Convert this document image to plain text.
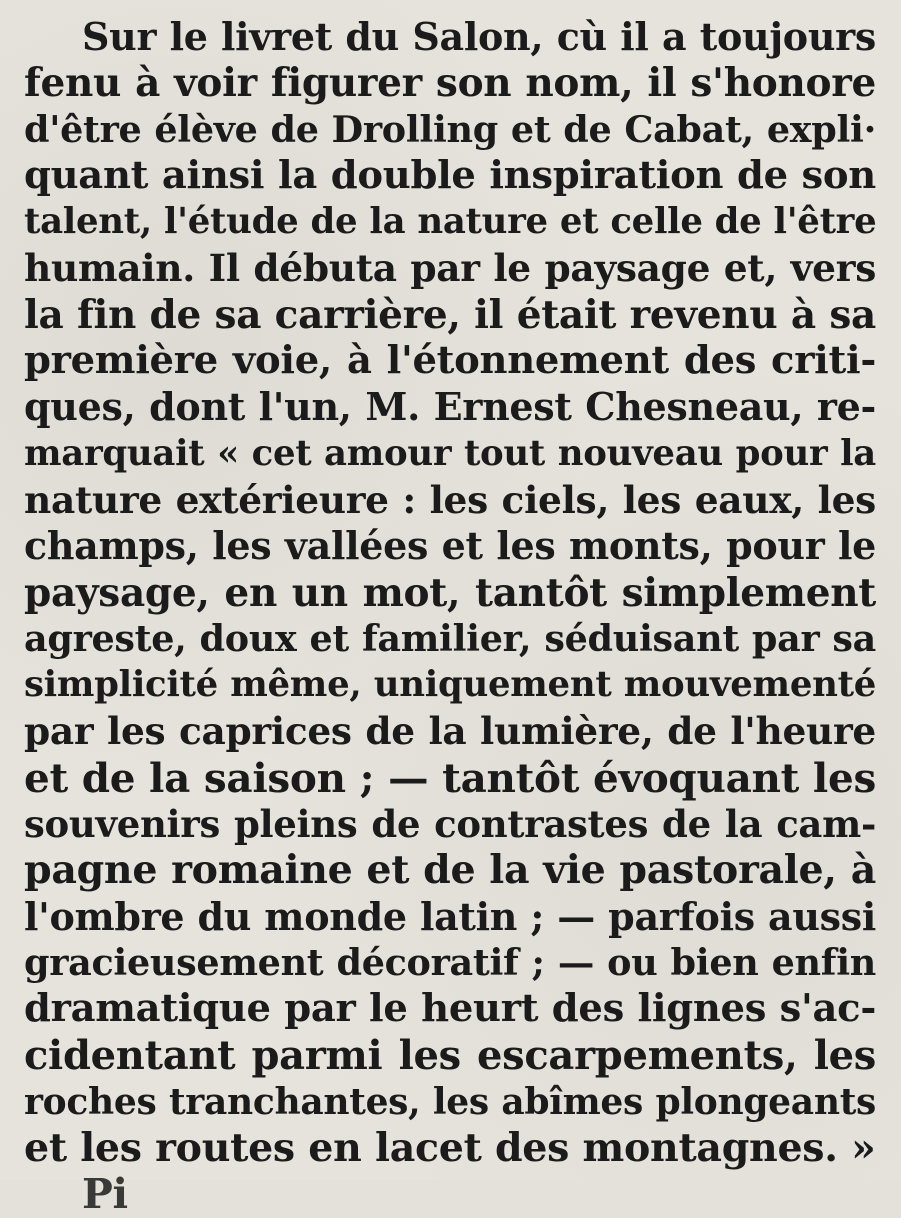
Sur le livret du Salon, cù il a toujours
fenu à voir figurer son nom, il s'honore
d'être élève de Drolling et de Cabat, expli·
quant ainsi la double inspiration de son
talent, l'étude de la nature et celle de l'être
humain. Il débuta par le paysage et, vers
la fin de sa carrière, il était revenu à sa
première voie, à l'étonnement des criti-
ques, dont l'un, M. Ernest Chesneau, re-
marquait « cet amour tout nouveau pour la
nature extérieure : les ciels, les eaux, les
champs, les vallées et les monts, pour le
paysage, en un mot, tantôt simplement
agreste, doux et familier, séduisant par sa
simplicité même, uniquement mouvementé
par les caprices de la lumière, de l'heure
et de la saison ; — tantôt évoquant les
souvenirs pleins de contrastes de la cam-
pagne romaine et de la vie pastorale, à
l'ombre du monde latin ; — parfois aussi
gracieusement décoratif ; — ou bien enfin
dramatique par le heurt des lignes s'ac-
cidentant parmi les escarpements, les
roches tranchantes, les abîmes plongeants
et les routes en lacet des montagnes. »
Pi
